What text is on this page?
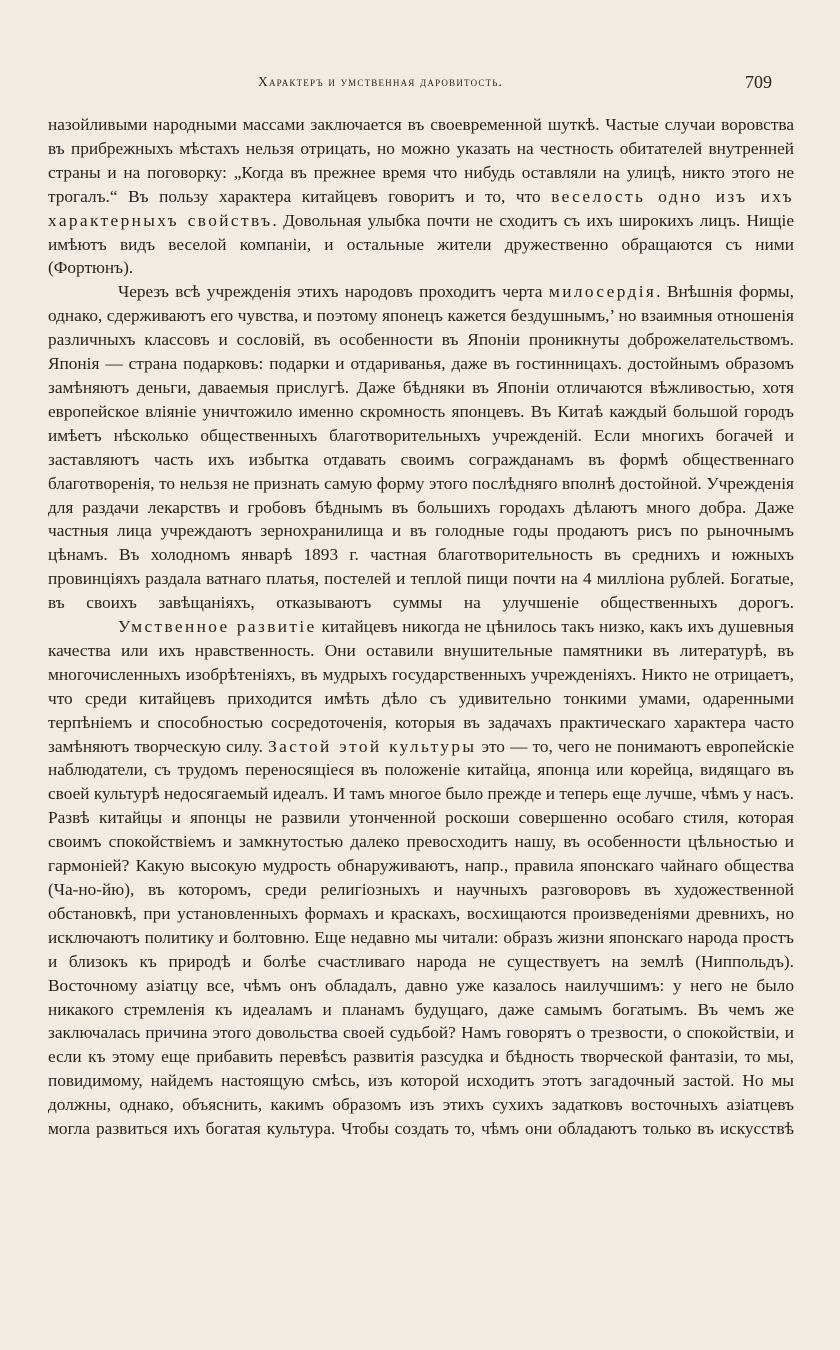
Характеръ и умственная даровитость.	709

назойливыми народными массами заключается въ своевременной шуткѣ. Частые случаи воровства въ прибрежныхъ мѣстахъ нельзя отрицать, но можно указать на честность обитателей внутренней страны и на поговорку: „Когда въ прежнее время что нибудь оставляли на улицѣ, никто этого не трогалъ.“ Въ пользу характера китайцевъ говоритъ и то, что веселость одно изъ ихъ характерныхъ свойствъ. Довольная улыбка почти не сходитъ съ ихъ широкихъ лицъ. Нищіе имѣютъ видъ веселой компаніи, и остальные жители дружественно обращаются съ ними (Фортюнъ).

Черезъ всѣ учрежденія этихъ народовъ проходитъ черта милосердія. Внѣшнія формы, однако, сдерживаютъ его чувства, и поэтому японецъ кажется бездушнымъ,’ но взаимныя отношенія различныхъ классовъ и сословій, въ особенности въ Японіи проникнуты доброжелательствомъ. Японія — страна подарковъ: подарки и отдариванья, даже въ гостинницахъ. достойнымъ образомъ замѣняютъ деньги, даваемыя прислугѣ. Даже бѣдняки въ Японіи отличаются вѣжливостью, хотя европейское вліяніе уничтожило именно скромность японцевъ. Въ Китаѣ каждый большой городъ имѣетъ нѣсколько общественныхъ благотворительныхъ учрежденій. Если многихъ богачей и заставляютъ часть ихъ избытка отдавать своимъ согражданамъ въ формѣ общественнаго благотворенія, то нельзя не признать самую форму этого послѣдняго вполнѣ достойной. Учрежденія для раздачи лекарствъ и гробовъ бѣднымъ въ большихъ городахъ дѣлаютъ много добра. Даже частныя лица учреждаютъ зернохранилища и въ голодные годы продаютъ рисъ по рыночнымъ цѣнамъ. Въ холодномъ январѣ 1893 г. частная благотворительность въ среднихъ и южныхъ провинціяхъ раздала ватнаго платья, постелей и теплой пищи почти на 4 милліона рублей. Богатые, въ своихъ завѣщаніяхъ, отказываютъ суммы на улучшеніе общественныхъ дорогъ.

Умственное развитіе китайцевъ никогда не цѣнилось такъ низко, какъ ихъ душевныя качества или ихъ нравственность. Они оставили внушительные памятники въ литературѣ, въ многочисленныхъ изобрѣтеніяхъ, въ мудрыхъ государственныхъ учрежденіяхъ. Никто не отрицаетъ, что среди китайцевъ приходится имѣть дѣло съ удивительно тонкими умами, одаренными терпѣніемъ и способностью сосредоточенія, которыя въ задачахъ практическаго характера часто замѣняютъ творческую силу. Застой этой культуры это — то, чего не понимаютъ европейскіе наблюдатели, съ трудомъ переносящіеся въ положеніе китайца, японца или корейца, видящаго въ своей культурѣ недосягаемый идеалъ. И тамъ многое было прежде и теперь еще лучше, чѣмъ у насъ. Развѣ китайцы и японцы не развили утонченной роскоши совершенно особаго стиля, которая своимъ спокойствіемъ и замкнутостью далеко превосходитъ нашу, въ особенности цѣльностью и гармоніей? Какую высокую мудрость обнаруживаютъ, напр., правила японскаго чайнаго общества (Ча-но-йю), въ которомъ, среди религіозныхъ и научныхъ разговоровъ въ художественной обстановкѣ, при установленныхъ формахъ и краскахъ, восхищаются произведеніями древнихъ, но исключаютъ политику и болтовню. Еще недавно мы читали: образъ жизни японскаго народа простъ и близокъ къ природѣ и болѣе счастливаго народа не существуетъ на землѣ (Ниппольдъ). Восточному азіатцу все, чѣмъ онъ обладалъ, давно уже казалось наилучшимъ: у него не было никакого стремленія къ идеаламъ и планамъ будущаго, даже самымъ богатымъ. Въ чемъ же заключалась причина этого довольства своей судьбой? Намъ говорятъ о трезвости, о спокойствіи, и если къ этому еще прибавить перевѣсъ развитія разсудка и бѣдность творческой фантазіи, то мы, повидимому, найдемъ настоящую смѣсь, изъ которой исходитъ этотъ загадочный застой. Но мы должны, однако, объяснить, какимъ образомъ изъ этихъ сухихъ задатковъ восточныхъ азіатцевъ могла развиться ихъ богатая культура. Чтобы создать то, чѣмъ они обладаютъ только въ искусствѣ
